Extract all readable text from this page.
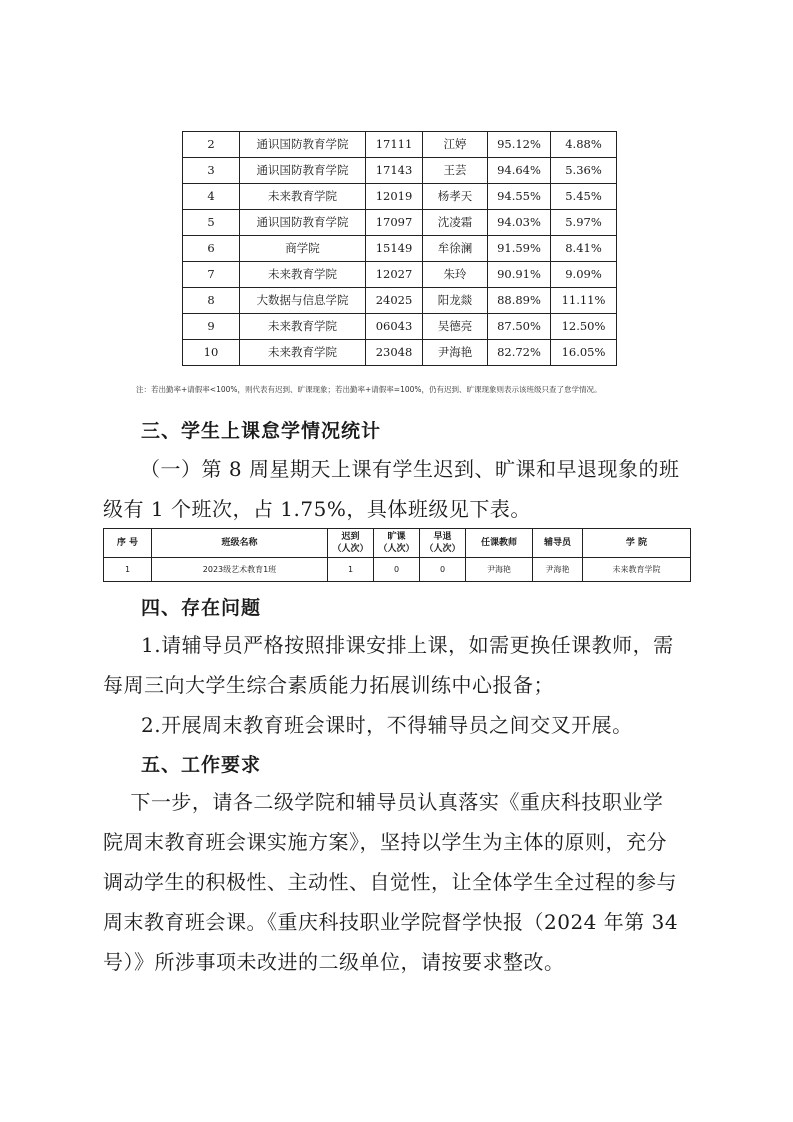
2	通识国防教育学院	17111	江婷	95.12%	4.88%
3	通识国防教育学院	17143	王芸	94.64%	5.36%
4	未来教育学院	12019	杨孝天	94.55%	5.45%
5	通识国防教育学院	17097	沈凌霜	94.03%	5.97%
6	商学院	15149	牟徐澜	91.59%	8.41%
7	未来教育学院	12027	朱玲	90.91%	9.09%
8	大数据与信息学院	24025	阳龙燚	88.89%	11.11%
9	未来教育学院	06043	吴德亮	87.50%	12.50%
10	未来教育学院	23048	尹海艳	82.72%	16.05%
注：若出勤率+请假率<100%，则代表有迟到、旷课现象；若出勤率+请假率=100%，仍有迟到、旷课现象则表示该班级只查了怠学情况。
三、学生上课怠学情况统计
（一）第 8 周星期天上课有学生迟到、旷课和早退现象的班
级有 1 个班次，占 1.75%，具体班级见下表。
序 号	班级名称	迟到
（人次）	旷课
（人次）	早退
（人次）	任课教师	辅导员	学 院
1	2023级艺术教育1班	1	0	0	尹海艳	尹海艳	未来教育学院
四、存在问题
1.请辅导员严格按照排课安排上课，如需更换任课教师，需
每周三向大学生综合素质能力拓展训练中心报备；
2.开展周末教育班会课时，不得辅导员之间交叉开展。
五、工作要求
下一步，请各二级学院和辅导员认真落实《重庆科技职业学
院周末教育班会课实施方案》，坚持以学生为主体的原则，充分
调动学生的积极性、主动性、自觉性，让全体学生全过程的参与
周末教育班会课。《重庆科技职业学院督学快报（2024 年第 34
号）》所涉事项未改进的二级单位，请按要求整改。
